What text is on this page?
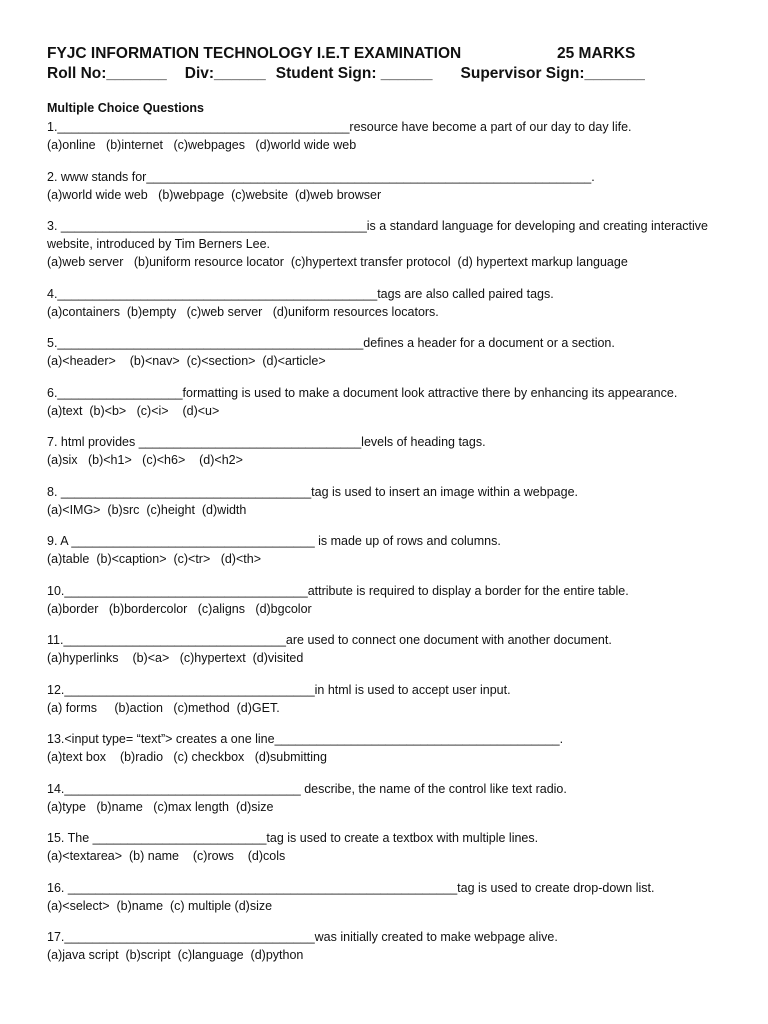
FYJC INFORMATION TECHNOLOGY I.E.T EXAMINATION	25 MARKS
Roll No:_______ Div:______ Student Sign: ______ Supervisor Sign:_______
Multiple Choice Questions
1.__________________________________________resource have become a part of our day to day life.
(a)online   (b)internet   (c)webpages   (d)world wide web
2. www stands for________________________________________________________________.
(a)world wide web   (b)webpage  (c)website  (d)web browser
3. ____________________________________________is a standard language for developing and creating interactive website, introduced by Tim Berners Lee.
(a)web server   (b)uniform resource locator  (c)hypertext transfer protocol  (d) hypertext markup language
4.______________________________________________tags are also called paired tags.
(a)containers  (b)empty   (c)web server   (d)uniform resources locators.
5.____________________________________________defines a header for a document or a section.
(a)<header>    (b)<nav>  (c)<section>  (d)<article>
6.__________________formatting is used to make a document look attractive there by enhancing its appearance.
(a)text  (b)<b>   (c)<i>    (d)<u>
7. html provides ________________________________levels of heading tags.
(a)six   (b)<h1>   (c)<h6>    (d)<h2>
8. ____________________________________tag is used to insert an image within a webpage.
(a)<IMG>  (b)src  (c)height  (d)width
9. A ___________________________________ is made up of rows and columns.
(a)table  (b)<caption>  (c)<tr>   (d)<th>
10.___________________________________attribute is required to display a border for the entire table.
(a)border   (b)bordercolor   (c)aligns   (d)bgcolor
11.________________________________are used to connect one document with another document.
(a)hyperlinks    (b)<a>   (c)hypertext  (d)visited
12.____________________________________in html is used to accept user input.
(a) forms     (b)action   (c)method  (d)GET.
13.<input type= “text”> creates a one line_________________________________________.
(a)text box    (b)radio   (c) checkbox   (d)submitting
14.__________________________________ describe, the name of the control like text radio.
(a)type   (b)name   (c)max length  (d)size
15. The _________________________tag is used to create a textbox with multiple lines.
(a)<textarea>  (b) name    (c)rows    (d)cols
16. ________________________________________________________tag is used to create drop-down list.
(a)<select>  (b)name  (c) multiple (d)size
17.____________________________________was initially created to make webpage alive.
(a)java script  (b)script  (c)language  (d)python
